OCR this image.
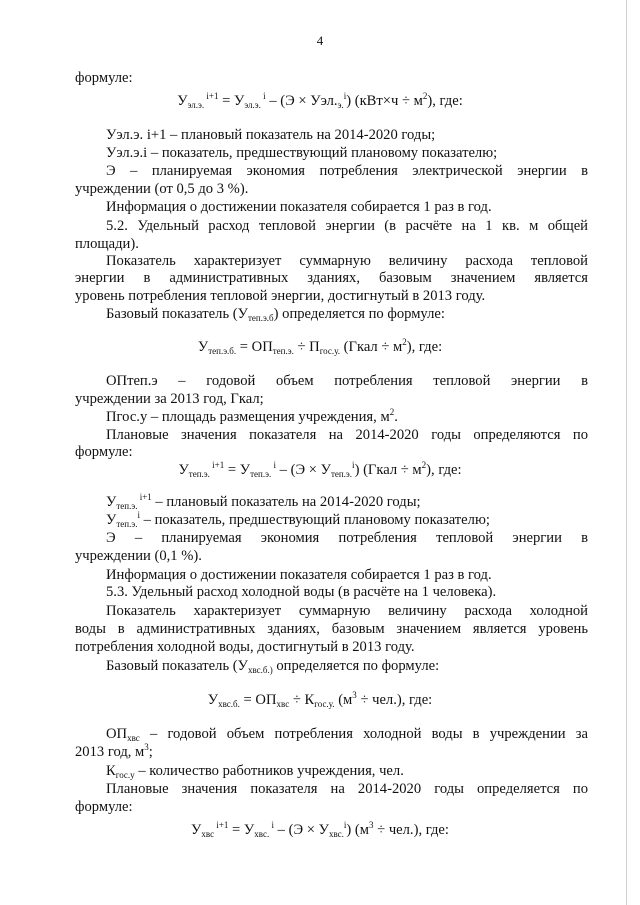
4
формуле:
$У_{эл.э.}$ $^{i+1} = У_{эл.э.}$ $^i - (Э \times Уэл._{э.}^i)$ $(кВт\times ч \div м^2)$, где:
Уэл.э. i+1 – плановый показатель на 2014-2020 годы;
Уэл.э.i – показатель, предшествующий плановому показателю;
Э – планируемая экономия потребления электрической энергии в
учреждении (от 0,5 до 3 %).
Информация о достижении показателя собирается 1 раз в год.
5.2. Удельный расход тепловой энергии (в расчёте на 1 кв. м общей
площади).
Показатель характеризует суммарную величину расхода тепловой
энергии в административных зданиях, базовым значением является
уровень потребления тепловой энергии, достигнутый в 2013 году.
Базовый показатель $(У_{теп.э.б})$ определяется по формуле:
$У_{теп.э.б.} = ОП_{теп.э.} \div П_{гос.у.}$ (Гкал ÷ $м^2$), где:
ОПтеп.э – годовой объем потребления тепловой энергии в
учреждении за 2013 год, Гкал;
Пгос.у – площадь размещения учреждения, $м^2$.
Плановые значения показателя на 2014-2020 годы определяются по
формуле:
$У_{теп.э.}$ $^{i+1} = У_{теп.э.}$ $^i - (Э \times У_{теп.э.}^i)$ (Гкал ÷ $м^2$), где:
$У_{теп.э.}$ $^{i+1}$ – плановый показатель на 2014-2020 годы;
$У_{теп.э.}^i$ – показатель, предшествующий плановому показателю;
Э – планируемая экономия потребления тепловой энергии в
учреждении (0,1 %).
Информация о достижении показателя собирается 1 раз в год.
5.3. Удельный расход холодной воды (в расчёте на 1 человека).
Показатель характеризует суммарную величину расхода холодной
воды в административных зданиях, базовым значением является уровень
потребления холодной воды, достигнутый в 2013 году.
Базовый показатель ($У_{хвс.б.)}$ определяется по формуле:
$У_{хвс.б.} = ОП_{хвс} \div К_{гос.у.}$ $(м^3 \div чел.)$, где:
$ОП_{хвс}$ – годовой объем потребления холодной воды в учреждении за
2013 год, $м^3$;
$К_{гос.у}$ – количество работников учреждения, чел.
Плановые значения показателя на 2014-2020 годы определяется по
формуле:
$У_{хвс}$ $^{i+1} = У_{хвс.}$ $^i - (Э \times У_{хвс.}^i)$ $(м^3 \div чел.)$, где:
